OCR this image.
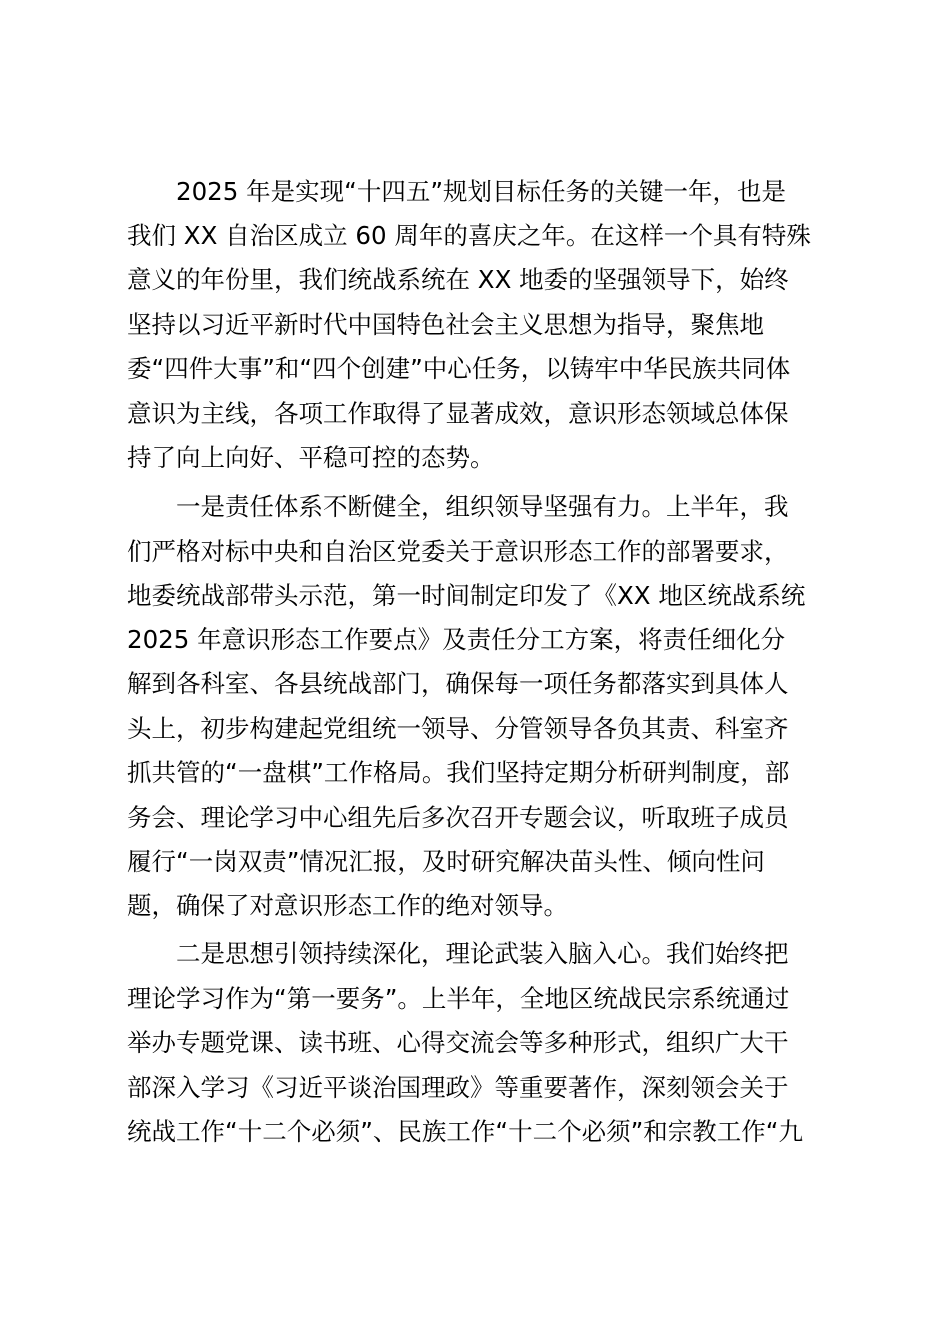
2025 年是实现“十四五”规划目标任务的关键一年，也是
我们 XX 自治区成立 60 周年的喜庆之年。在这样一个具有特殊
意义的年份里，我们统战系统在 XX 地委的坚强领导下，始终
坚持以习近平新时代中国特色社会主义思想为指导，聚焦地
委“四件大事”和“四个创建”中心任务，以铸牢中华民族共同体
意识为主线，各项工作取得了显著成效，意识形态领域总体保
持了向上向好、平稳可控的态势。
一是责任体系不断健全，组织领导坚强有力。上半年，我
们严格对标中央和自治区党委关于意识形态工作的部署要求，
地委统战部带头示范，第一时间制定印发了《XX 地区统战系统
2025 年意识形态工作要点》及责任分工方案，将责任细化分
解到各科室、各县统战部门，确保每一项任务都落实到具体人
头上，初步构建起党组统一领导、分管领导各负其责、科室齐
抓共管的“一盘棋”工作格局。我们坚持定期分析研判制度，部
务会、理论学习中心组先后多次召开专题会议，听取班子成员
履行“一岗双责”情况汇报，及时研究解决苗头性、倾向性问
题，确保了对意识形态工作的绝对领导。
二是思想引领持续深化，理论武装入脑入心。我们始终把
理论学习作为“第一要务”。上半年，全地区统战民宗系统通过
举办专题党课、读书班、心得交流会等多种形式，组织广大干
部深入学习《习近平谈治国理政》等重要著作，深刻领会关于
统战工作“十二个必须”、民族工作“十二个必须”和宗教工作“九
